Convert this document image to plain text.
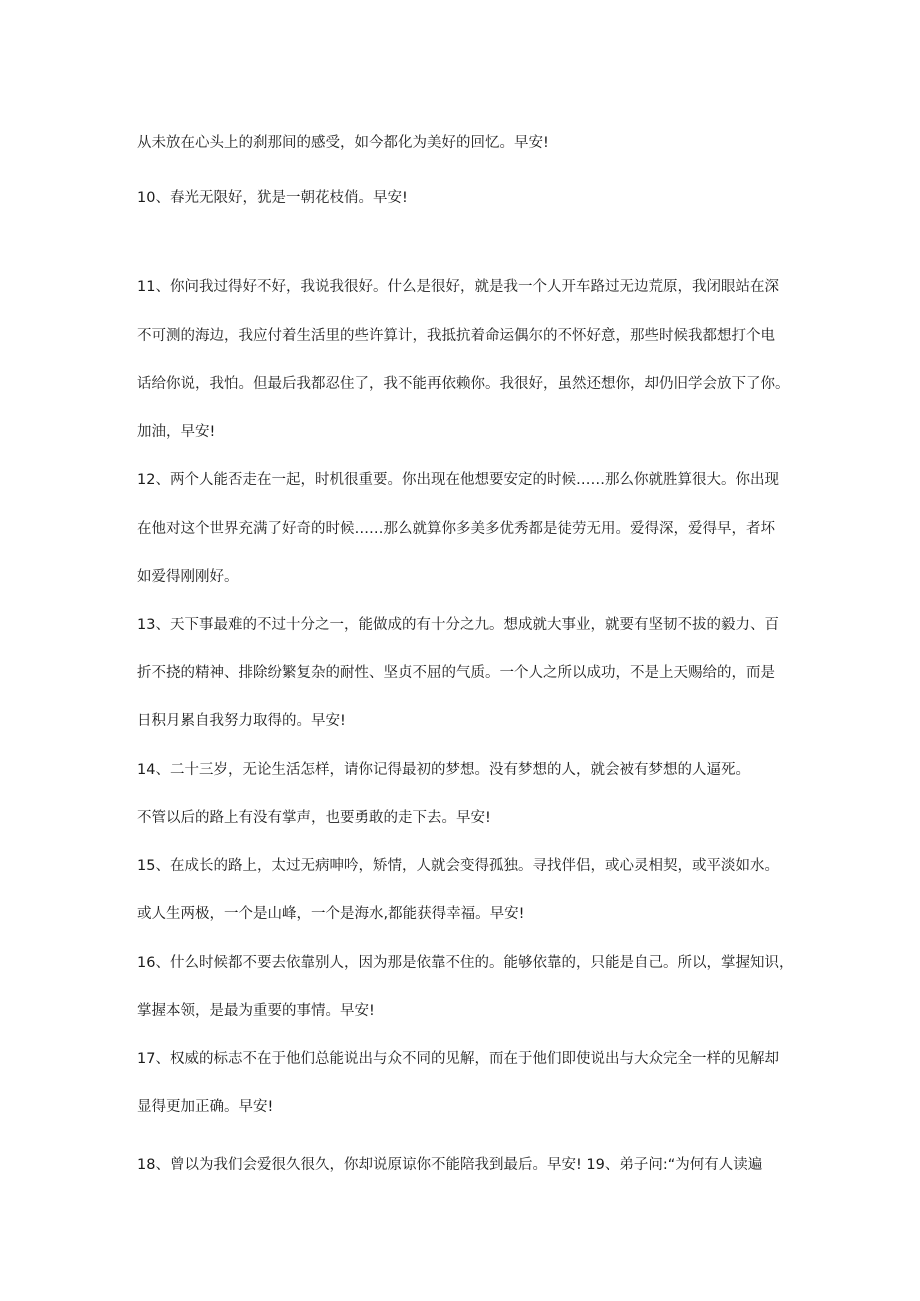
从未放在心头上的刹那间的感受，如今都化为美好的回忆。早安!
10、春光无限好，犹是一朝花枝俏。早安!
11、你问我过得好不好，我说我很好。什么是很好，就是我一个人开车路过无边荒原，我闭眼站在深
不可测的海边，我应付着生活里的些许算计，我抵抗着命运偶尔的不怀好意，那些时候我都想打个电
话给你说，我怕。但最后我都忍住了，我不能再依赖你。我很好，虽然还想你，却仍旧学会放下了你。
加油，早安!
12、两个人能否走在一起，时机很重要。你出现在他想要安定的时候……那么你就胜算很大。你出现
在他对这个世界充满了好奇的时候……那么就算你多美多优秀都是徒劳无用。爱得深，爱得早，者坏
如爱得刚刚好。
13、天下事最难的不过十分之一，能做成的有十分之九。想成就大事业，就要有坚韧不拔的毅力、百
折不挠的精神、排除纷繁复杂的耐性、坚贞不屈的气质。一个人之所以成功，不是上天赐给的，而是
日积月累自我努力取得的。早安!
14、二十三岁，无论生活怎样，请你记得最初的梦想。没有梦想的人，就会被有梦想的人逼死。
不管以后的路上有没有掌声，也要勇敢的走下去。早安!
15、在成长的路上，太过无病呻吟，矫情，人就会变得孤独。寻找伴侣，或心灵相契，或平淡如水。
或人生两极，一个是山峰，一个是海水,都能获得幸福。早安!
16、什么时候都不要去依靠别人，因为那是依靠不住的。能够依靠的，只能是自己。所以，掌握知识，
掌握本领，是最为重要的事情。早安!
17、权威的标志不在于他们总能说出与众不同的见解，而在于他们即使说出与大众完全一样的见解却
显得更加正确。早安!
18、曾以为我们会爱很久很久，你却说原谅你不能陪我到最后。早安! 19、弟子问:“为何有人读遍
